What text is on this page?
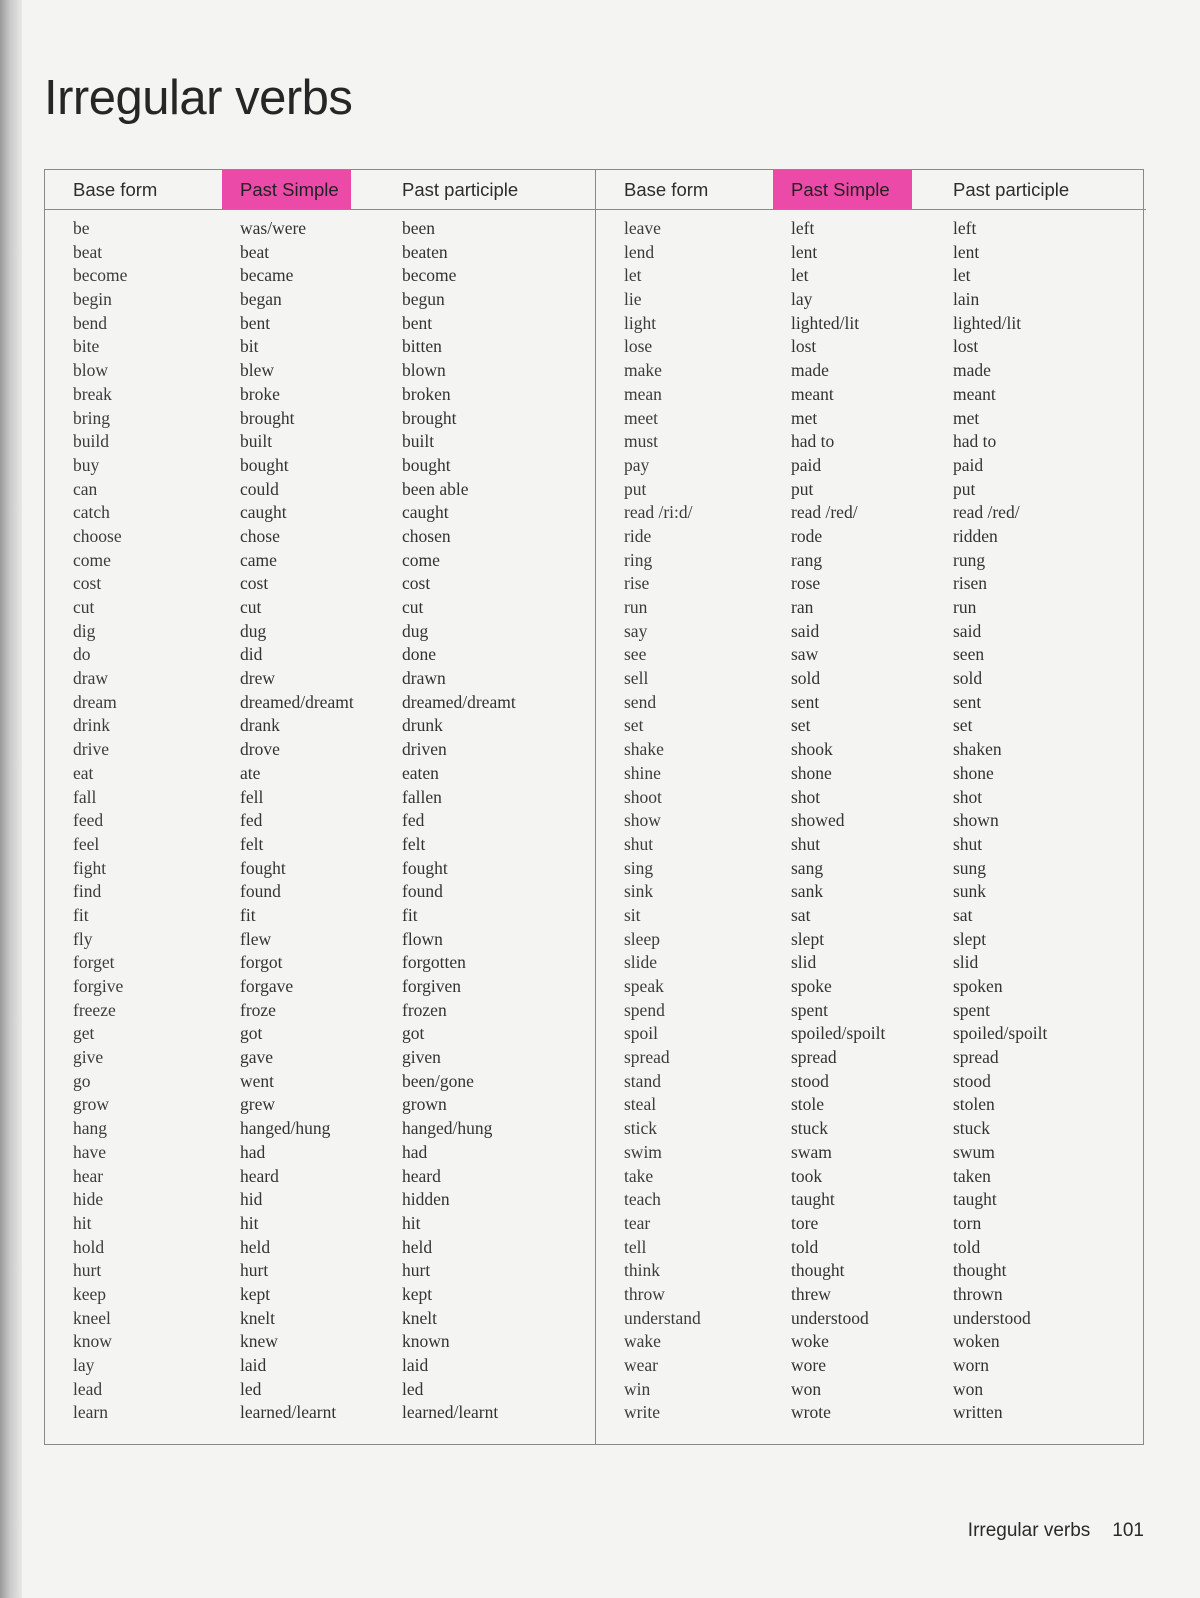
Irregular verbs
Base form	Past Simple	Past participle
be	was/were	been
beat	beat	beaten
become	became	become
begin	began	begun
bend	bent	bent
bite	bit	bitten
blow	blew	blown
break	broke	broken
bring	brought	brought
build	built	built
buy	bought	bought
can	could	been able
catch	caught	caught
choose	chose	chosen
come	came	come
cost	cost	cost
cut	cut	cut
dig	dug	dug
do	did	done
draw	drew	drawn
dream	dreamed/dreamt	dreamed/dreamt
drink	drank	drunk
drive	drove	driven
eat	ate	eaten
fall	fell	fallen
feed	fed	fed
feel	felt	felt
fight	fought	fought
find	found	found
fit	fit	fit
fly	flew	flown
forget	forgot	forgotten
forgive	forgave	forgiven
freeze	froze	frozen
get	got	got
give	gave	given
go	went	been/gone
grow	grew	grown
hang	hanged/hung	hanged/hung
have	had	had
hear	heard	heard
hide	hid	hidden
hit	hit	hit
hold	held	held
hurt	hurt	hurt
keep	kept	kept
kneel	knelt	knelt
know	knew	known
lay	laid	laid
lead	led	led
learn	learned/learnt	learned/learnt
Base form	Past Simple	Past participle
leave	left	left
lend	lent	lent
let	let	let
lie	lay	lain
light	lighted/lit	lighted/lit
lose	lost	lost
make	made	made
mean	meant	meant
meet	met	met
must	had to	had to
pay	paid	paid
put	put	put
read /ri:d/	read /red/	read /red/
ride	rode	ridden
ring	rang	rung
rise	rose	risen
run	ran	run
say	said	said
see	saw	seen
sell	sold	sold
send	sent	sent
set	set	set
shake	shook	shaken
shine	shone	shone
shoot	shot	shot
show	showed	shown
shut	shut	shut
sing	sang	sung
sink	sank	sunk
sit	sat	sat
sleep	slept	slept
slide	slid	slid
speak	spoke	spoken
spend	spent	spent
spoil	spoiled/spoilt	spoiled/spoilt
spread	spread	spread
stand	stood	stood
steal	stole	stolen
stick	stuck	stuck
swim	swam	swum
take	took	taken
teach	taught	taught
tear	tore	torn
tell	told	told
think	thought	thought
throw	threw	thrown
understand	understood	understood
wake	woke	woken
wear	wore	worn
win	won	won
write	wrote	written
Irregular verbs 101
